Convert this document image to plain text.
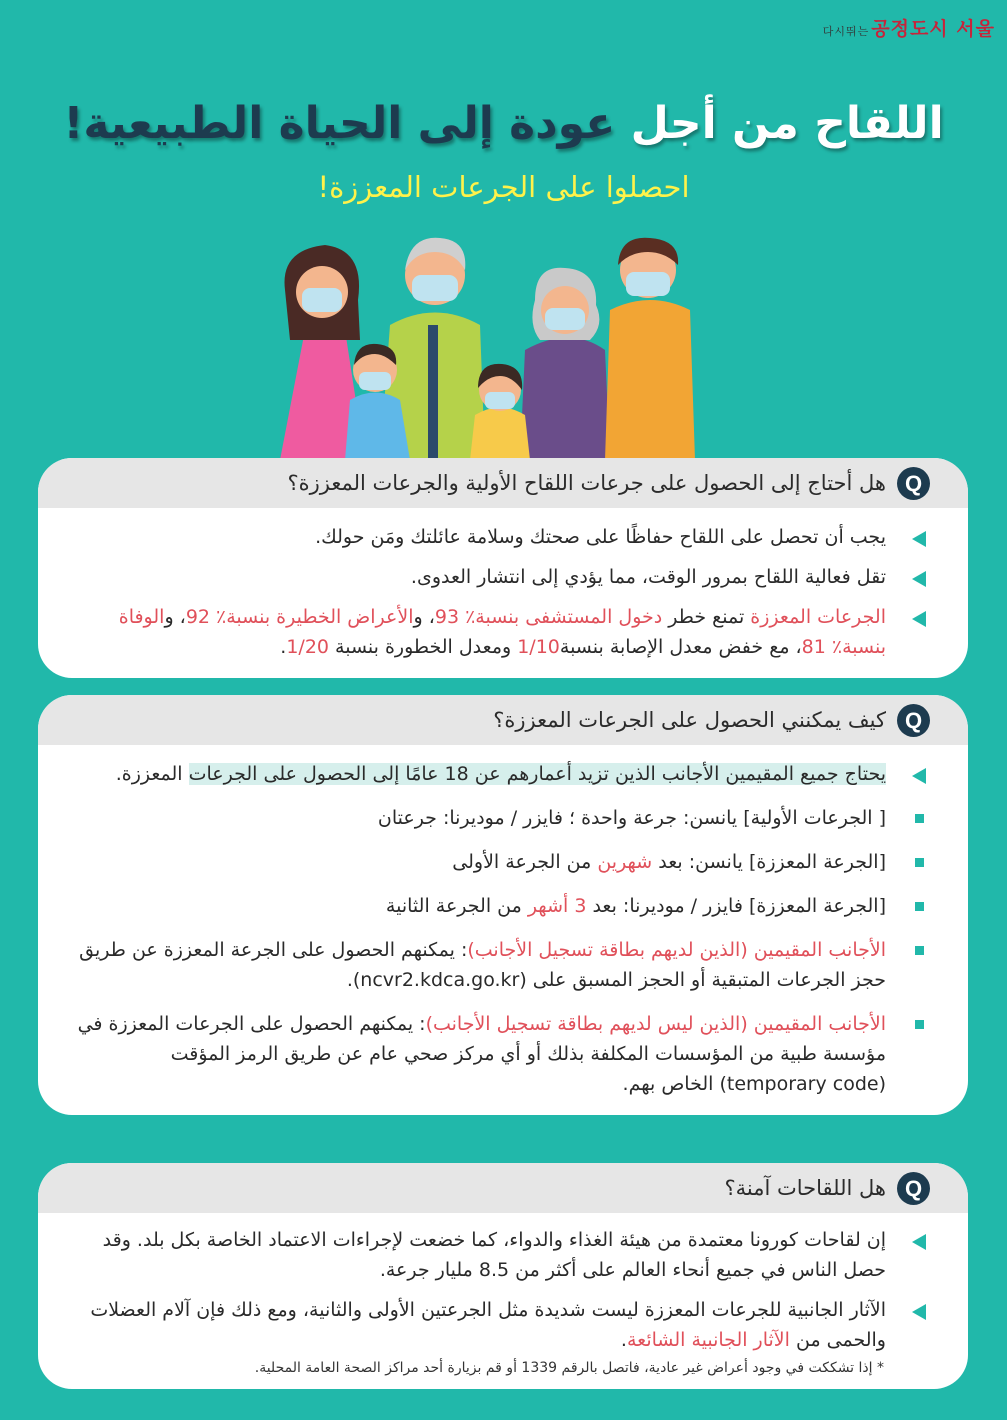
다시뛰는 공정도시 서울
اللقاح من أجل عودة إلى الحياة الطبيعية!
احصلوا على الجرعات المعززة!
Q
هل أحتاج إلى الحصول على جرعات اللقاح الأولية والجرعات المعززة؟
يجب أن تحصل على اللقاح حفاظًا على صحتك وسلامة عائلتك ومَن حولك.
تقل فعالية اللقاح بمرور الوقت، مما يؤدي إلى انتشار العدوى.
الجرعات المعززة تمنع خطر دخول المستشفى بنسبة٪ 93، والأعراض الخطيرة بنسبة٪ 92، والوفاة بنسبة٪ 81، مع خفض معدل الإصابة بنسبة1/10 ومعدل الخطورة بنسبة 1/20.
Q
كيف يمكنني الحصول على الجرعات المعززة؟
يحتاج جميع المقيمين الأجانب الذين تزيد أعمارهم عن 18 عامًا إلى الحصول على الجرعات المعززة.
[ الجرعات الأولية] يانسن: جرعة واحدة ؛ فايزر / موديرنا: جرعتان
[الجرعة المعززة] يانسن: بعد شهرين من الجرعة الأولى
[الجرعة المعززة] فايزر / موديرنا: بعد 3 أشهر من الجرعة الثانية
الأجانب المقيمين (الذين لديهم بطاقة تسجيل الأجانب): يمكنهم الحصول على الجرعة المعززة عن طريق حجز الجرعات المتبقية أو الحجز المسبق على (ncvr2.kdca.go.kr).
الأجانب المقيمين (الذين ليس لديهم بطاقة تسجيل الأجانب): يمكنهم الحصول على الجرعات المعززة في مؤسسة طبية من المؤسسات المكلفة بذلك أو أي مركز صحي عام عن طريق الرمز المؤقت (temporary code) الخاص بهم.
Q
هل اللقاحات آمنة؟
إن لقاحات كورونا معتمدة من هيئة الغذاء والدواء، كما خضعت لإجراءات الاعتماد الخاصة بكل بلد. وقد حصل الناس في جميع أنحاء العالم على أكثر من 8.5 مليار جرعة.
الآثار الجانبية للجرعات المعززة ليست شديدة مثل الجرعتين الأولى والثانية، ومع ذلك فإن آلام العضلات والحمى من الآثار الجانبية الشائعة.
* إذا تشككت في وجود أعراض غير عادية، فاتصل بالرقم 1339 أو قم بزيارة أحد مراكز الصحة العامة المحلية.
